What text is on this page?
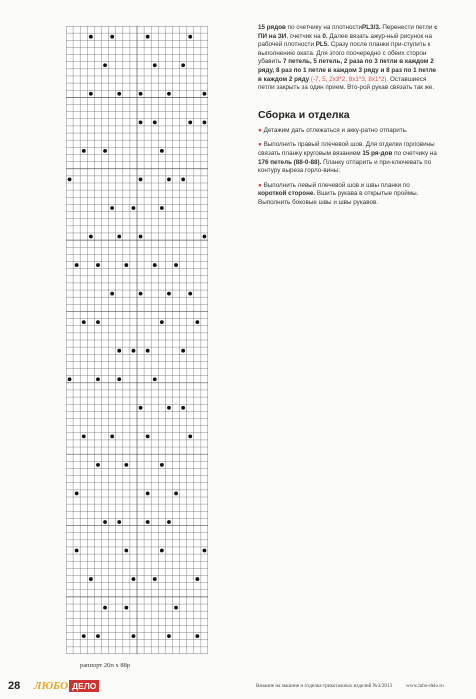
раппорт 20п х 88р
15 рядов по счетчику на плотностиPL3/3. Перенести петли с ПИ на ЗИ, счетчик на 0. Далее вязать ажур-ный рисунок на рабочей плотности PL5. Сразу после планки при-ступить к выполнению оката. Для этого поочередно с обеих сторон убавить 7 петель, 5 петель, 2 раза по 3 петли в каждом 2 ряду, 8 раз по 1 петле в каждом 3 ряду и 8 раз по 1 петле в каждом 2 ряду (-7, 5, 2х3*2, 8х1*3, 8х1*2). Оставшиеся петли закрыть за один прием. Вто-рой рукав связать так же.
Сборка и отделка
● Детажим дать отлежаться и акку-ратно отпарить.
● Выполнить правый плечевой шов. Для отделки горловины связать планку круговым вязанием 15 ря-дов по счетчику на 176 петель (88-0-88). Планку отпарить и при-ключевать по контуру выреза горло-вины;
● Выполнить левый плечевой шов и швы планки по короткой стороне. Вшить рукава в открытые проймы. Выполнить боковые швы и швы рукавов.
28 ЛЮБО ДЕЛО	Вязание на машине и отделка трикотажных изделий №3/2013	www.lubo-delo.ru
